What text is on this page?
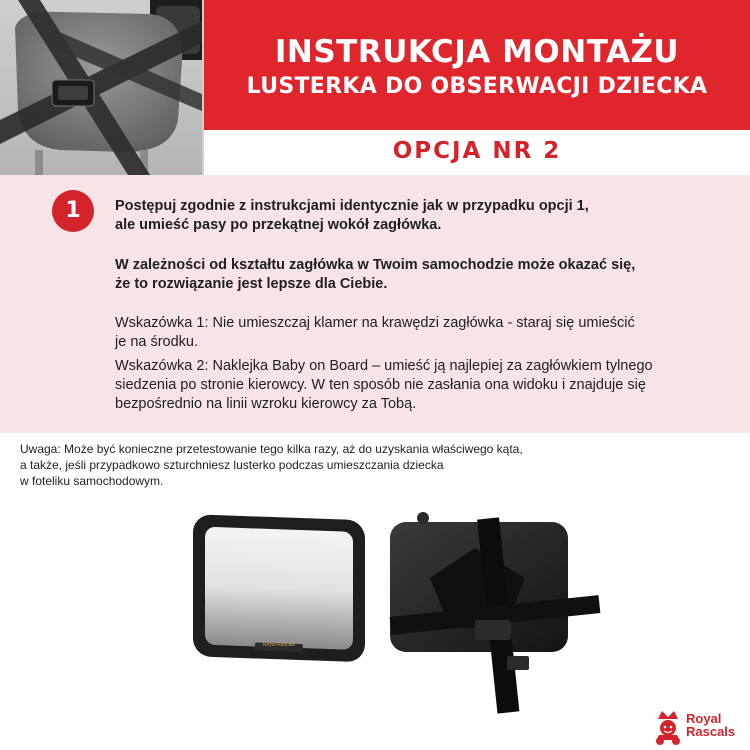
INSTRUKCJA MONTAŻU
LUSTERKA DO OBSERWACJI DZIECKA
OPCJA NR 2
1	Postępuj zgodnie z instrukcjami identycznie jak w przypadku opcji 1,
ale umieść pasy po przekątnej wokół zagłówka.
W zależności od kształtu zagłówka w Twoim samochodzie może okazać się,
że to rozwiązanie jest lepsze dla Ciebie.
Wskazówka 1: Nie umieszczaj klamer na krawędzi zagłówka - staraj się umieścić
je na środku.
Wskazówka 2: Naklejka Baby on Board – umieść ją najlepiej za zagłówkiem tylnego
siedzenia po stronie kierowcy. W ten sposób nie zasłania ona widoku i znajduje się
bezpośrednio na linii wzroku kierowcy za Tobą.
Uwaga: Może być konieczne przetestowanie tego kilka razy, aż do uzyskania właściwego kąta,
a także, jeśli przypadkowo szturchniesz lusterko podczas umieszczania dziecka
w foteliku samochodowym.
Royal Rascals
Royal
Rascals
